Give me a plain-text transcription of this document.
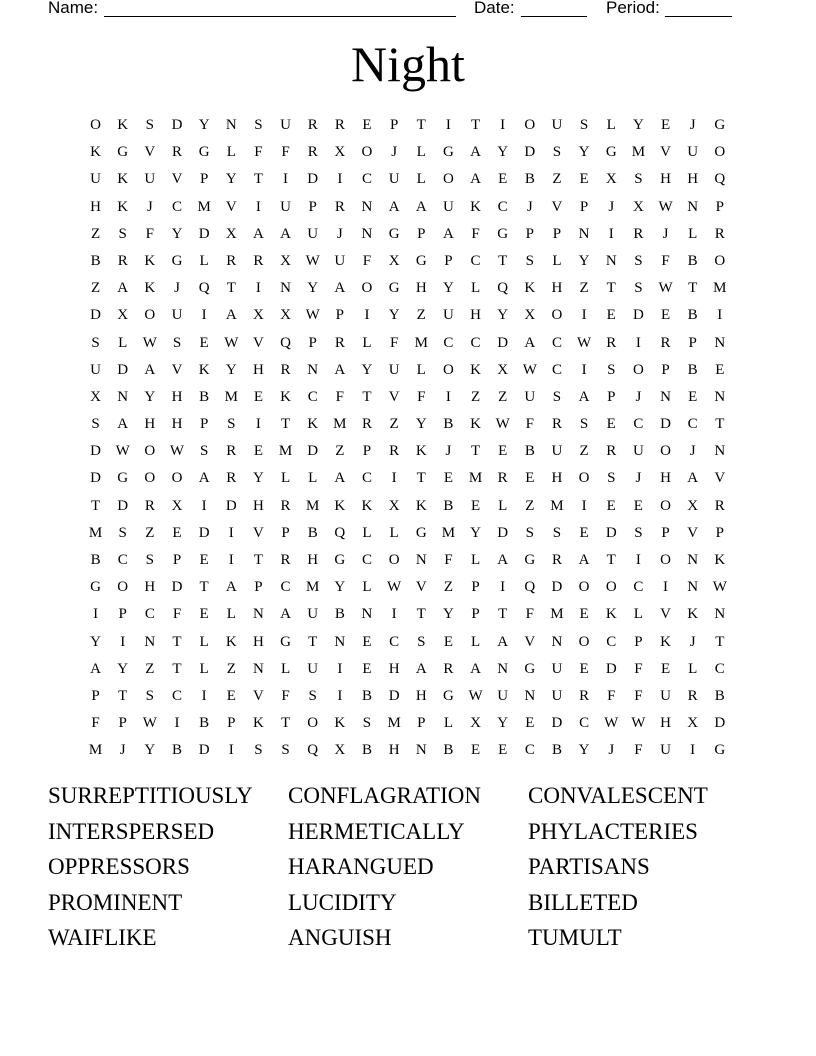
Name:	Date:	Period:
Night
O	K	S	D	Y	N	S	U	R	R	E	P	T	I	T	I	O	U	S	L	Y	E	J	G
K	G	V	R	G	L	F	F	R	X	O	J	L	G	A	Y	D	S	Y	G	M	V	U	O
U	K	U	V	P	Y	T	I	D	I	C	U	L	O	A	E	B	Z	E	X	S	H	H	Q
H	K	J	C	M	V	I	U	P	R	N	A	A	U	K	C	J	V	P	J	X W N	P
Z	S	F	Y	D	X	A	A	U	J	N	G	P	A	F	G	P	P	N	I	R	J	L	R
B	R	K	G	L	R	R	X W U	F	X	G	P	C	T	S	L	Y	N	S	F	B	O
Z	A	K	J	Q	T	I	N	Y	A	O	G	H	Y	L	Q	K	H	Z	T	S	W	T	M
D	X	O	U	I	A	X	X W	P	I	Y	Z	U	H	Y	X	O	I	E	D	E	B	I
S	L	W	S	E	W V	Q	P	R	L	F	M	C	C	D	A	C	W	R	I	R	P	N
U	D	A	V	K	Y	H	R	N	A	Y	U	L	O	K	X W	C	I	S	O	P	B	E
X	N	Y	H	B	M	E	K	C	F	T	V	F	I	Z	Z	U	S	A	P	J	N	E	N
S	A	H	H	P	S	I	T	K	M	R	Z	Y	B	K W	F	R	S	E	C	D	C	T
D W O W	S	R	E	M	D	Z	P	R	K	J	T	E	B	U	Z	R	U	O	J	N
D	G	O	O	A	R	Y	L	L	A	C	I	T	E	M	R	E	H	O	S	J	H	A	V
T	D	R	X	I	D	H	R	M	K	K	X	K	B	E	L	Z	M	I	E	E	O	X	R
M	S	Z	E	D	I	V	P	B	Q	L	L	G	M	Y	D	S	S	E	D	S	P	V	P
B	C	S	P	E	I	T	R	H	G	C	O	N	F	L	A	G	R	A	T	I	O	N	K
G	O	H	D	T	A	P	C	M	Y	L	W V	Z	P	I	Q	D	O	O	C	I	N W
I	P	C	F	E	L	N	A	U	B	N	I	T	Y	P	T	F	M	E	K	L	V	K	N
Y	I	N	T	L	K	H	G	T	N	E	C	S	E	L	A	V	N	O	C	P	K	J	T
A	Y	Z	T	L	Z	N	L	U	I	E	H	A	R	A	N	G	U	E	D	F	E	L	C
P	T	S	C	I	E	V	F	S	I	B	D	H	G W U	N	U	R	F	F	U	R	B
F	P	W	I	B	P	K	T	O	K	S	M	P	L	X	Y	E	D	C	W W H	X	D
M	J	Y	B	D	I	S	S	Q	X	B	H	N	B	E	E	C	B	Y	J	F	U	I	G
SURREPTITIOUSLY	CONFLAGRATION	CONVALESCENT
INTERSPERSED	HERMETICALLY	PHYLACTERIES
OPPRESSORS	HARANGUED	PARTISANS
PROMINENT	LUCIDITY	BILLETED
WAIFLIKE	ANGUISH	TUMULT
